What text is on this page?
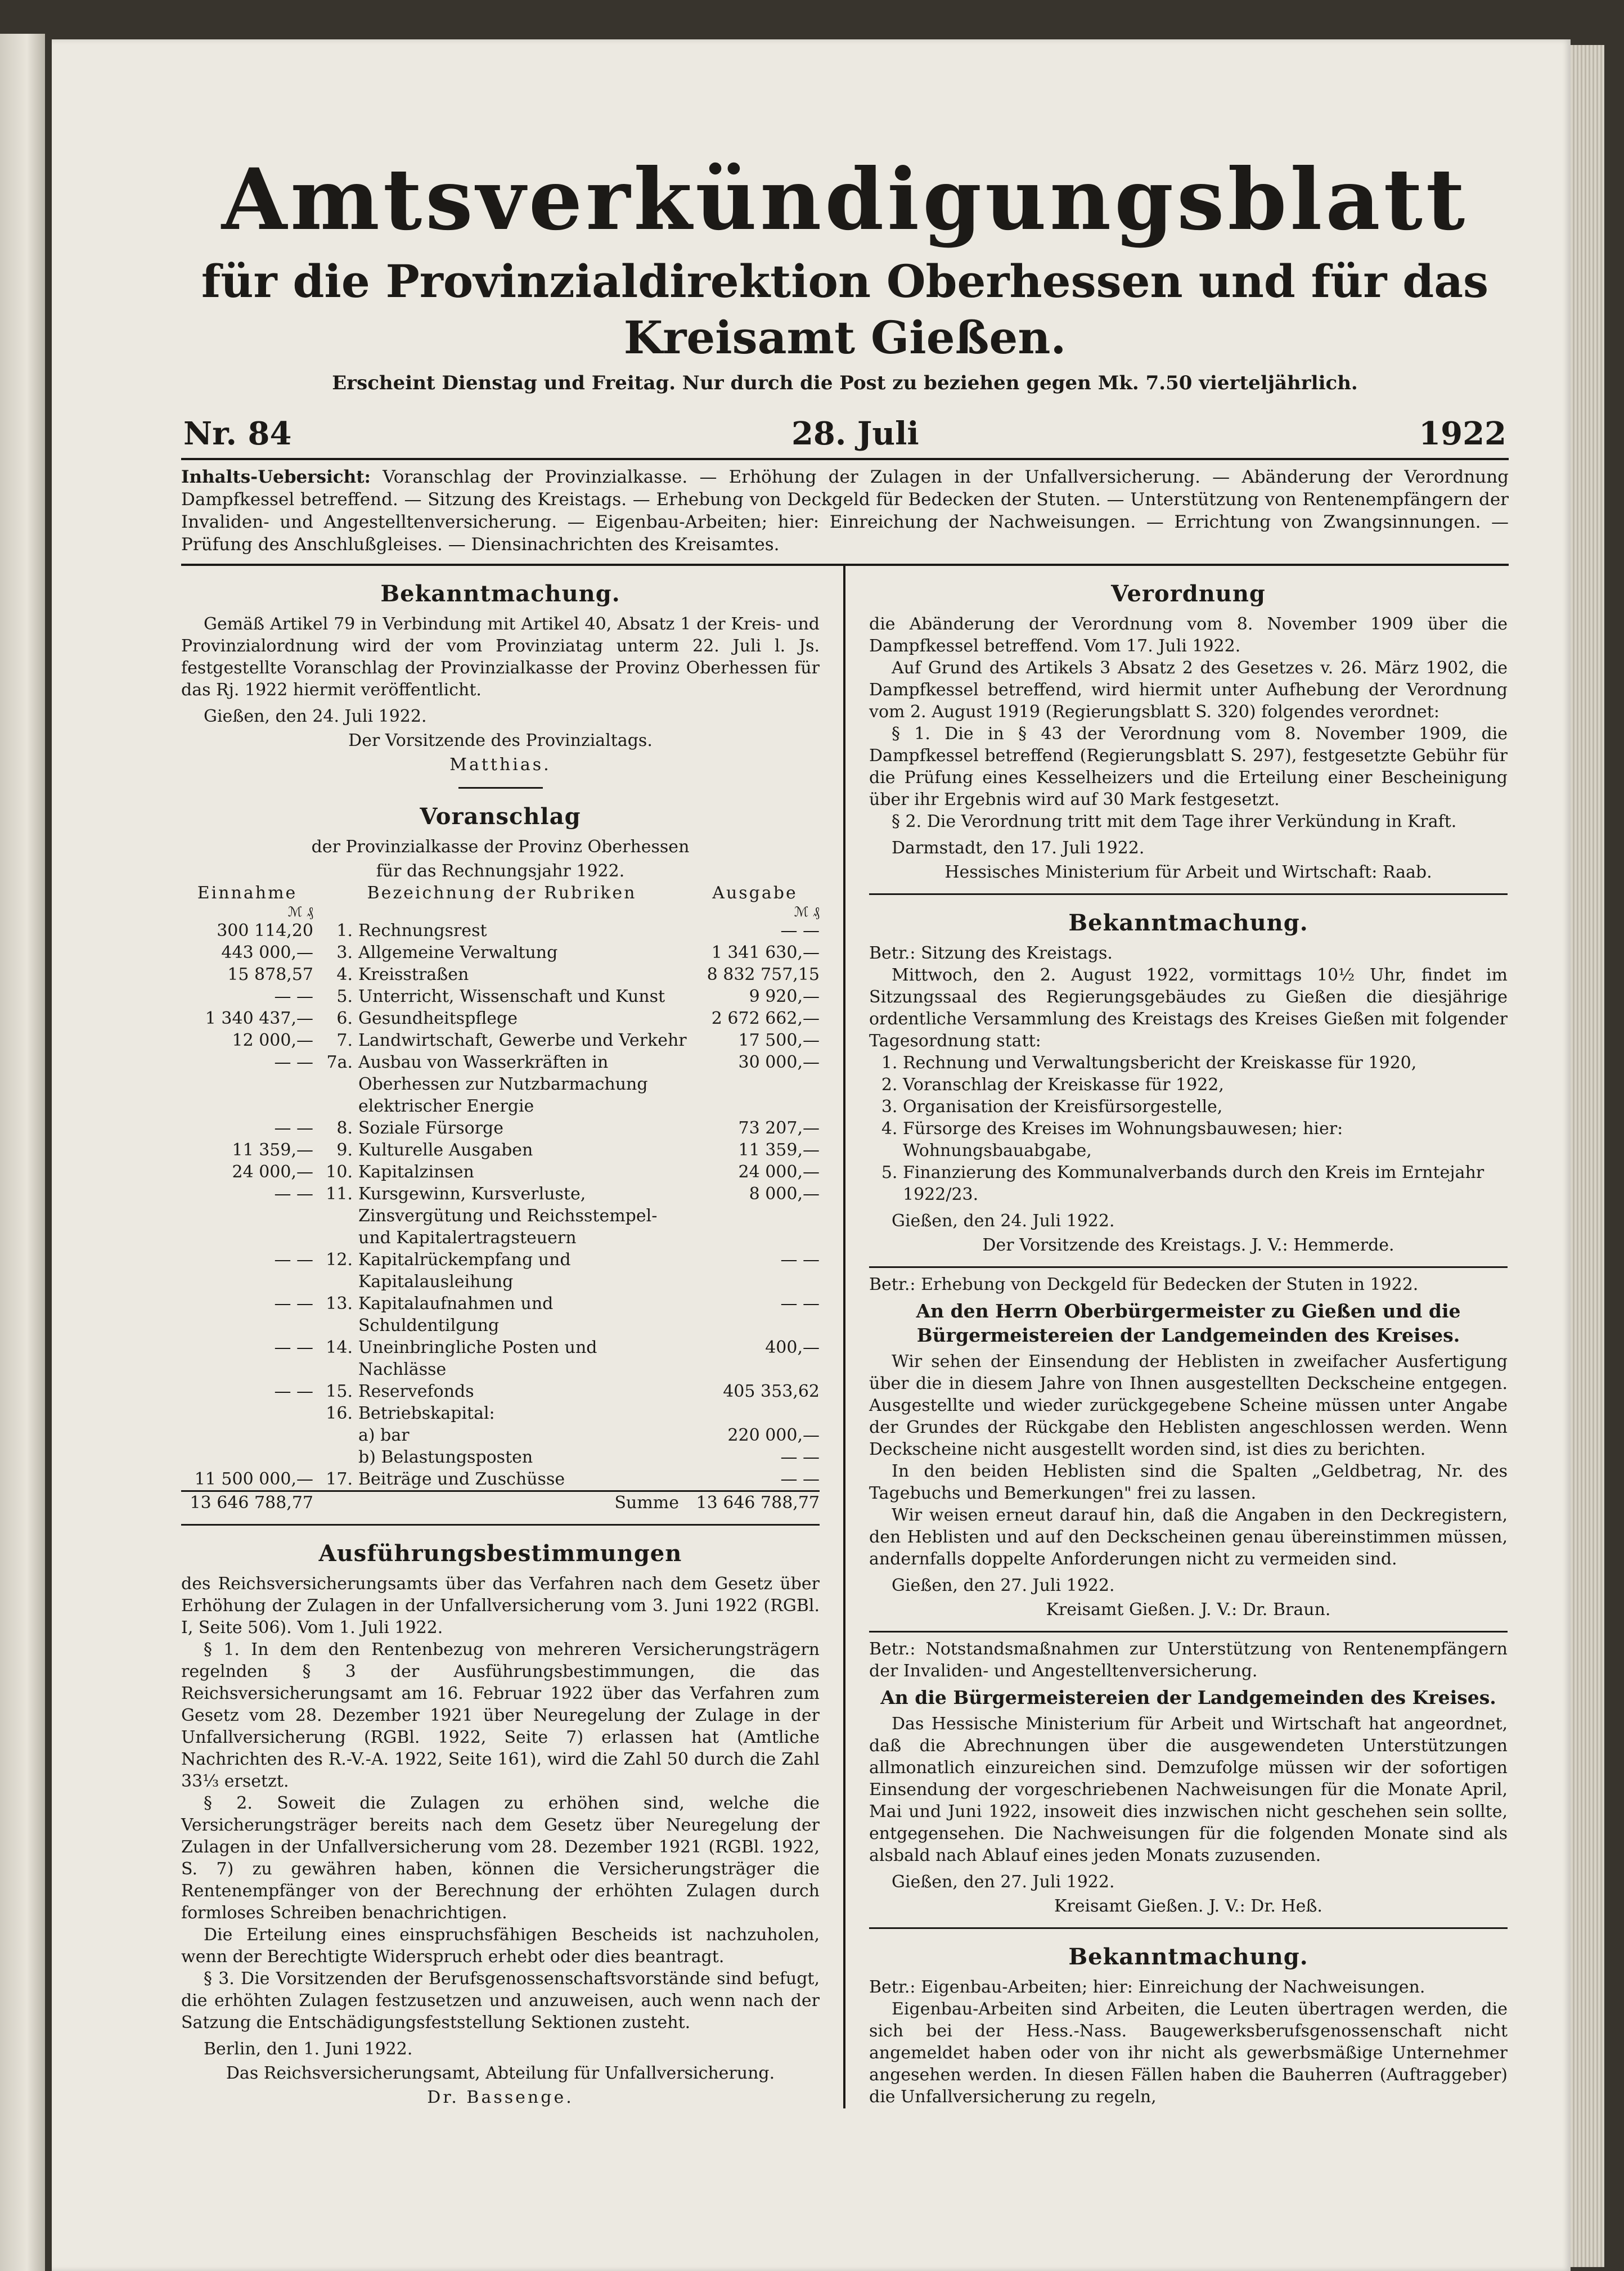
Amtsverkündigungsblatt

für die Provinzialdirektion Oberhessen und für das Kreisamt Gießen.

Erscheint Dienstag und Freitag. Nur durch die Post zu beziehen gegen Mk. 7.50 vierteljährlich.

Nr. 84	28. Juli	1922

Inhalts-Uebersicht: Voranschlag der Provinzialkasse. — Erhöhung der Zulagen in der Unfallversicherung. — Abänderung der Verordnung Dampfkessel betreffend. — Sitzung des Kreistags. — Erhebung von Deckgeld für Bedecken der Stuten. — Unterstützung von Rentenempfängern der Invaliden- und Angestelltenversicherung. — Eigenbau-Arbeiten; hier: Einreichung der Nachweisungen. — Errichtung von Zwangsinnungen. — Prüfung des Anschlußgleises. — Diensinachrichten des Kreisamtes.

Bekanntmachung.

Gemäß Artikel 79 in Verbindung mit Artikel 40, Absatz 1 der Kreis- und Provinzialordnung wird der vom Provinziatag unterm 22. Juli l. Js. festgestellte Voranschlag der Provinzialkasse der Provinz Oberhessen für das Rj. 1922 hiermit veröffentlicht.

Gießen, den 24. Juli 1922.

Der Vorsitzende des Provinzialtags.

Matthias.

Voranschlag

der Provinzialkasse der Provinz Oberhessen

für das Rechnungsjahr 1922.

Einnahme	Bezeichnung der Rubriken		Ausgabe
ℳ ₰			ℳ ₰
300 114,20	1.	Rechnungsrest	— —
443 000,—	3.	Allgemeine Verwaltung	1 341 630,—
15 878,57	4.	Kreisstraßen	8 832 757,15
— —	5.	Unterricht, Wissenschaft und Kunst	9 920,—
1 340 437,—	6.	Gesundheitspflege	2 672 662,—
12 000,—	7.	Landwirtschaft, Gewerbe und Verkehr	17 500,—
— —	7a.	Ausbau von Wasserkräften in Oberhessen zur Nutzbarmachung elektrischer Energie	30 000,—
— —	8.	Soziale Fürsorge	73 207,—
11 359,—	9.	Kulturelle Ausgaben	11 359,—
24 000,—	10.	Kapitalzinsen	24 000,—
— —	11.	Kursgewinn, Kursverluste, Zinsvergütung und Reichsstempel- und Kapitalertragsteuern	8 000,—
— —	12.	Kapitalrückempfang und Kapitalausleihung	— —
— —	13.	Kapitalaufnahmen und Schuldentilgung	— —
— —	14.	Uneinbringliche Posten und Nachlässe	400,—
— —	15.	Reservefonds	405 353,62
	16.	Betriebskapital:	
		a) bar	220 000,—
		b) Belastungsposten	— —
11 500 000,—	17.	Beiträge und Zuschüsse	— —
13 646 788,77		Summe	13 646 788,77
Ausführungsbestimmungen

des Reichsversicherungsamts über das Verfahren nach dem Gesetz über Erhöhung der Zulagen in der Unfallversicherung vom 3. Juni 1922 (RGBl. I, Seite 506). Vom 1. Juli 1922.

§ 1. In dem den Rentenbezug von mehreren Versicherungsträgern regelnden § 3 der Ausführungsbestimmungen, die das Reichsversicherungsamt am 16. Februar 1922 über das Verfahren zum Gesetz vom 28. Dezember 1921 über Neuregelung der Zulage in der Unfallversicherung (RGBl. 1922, Seite 7) erlassen hat (Amtliche Nachrichten des R.-V.-A. 1922, Seite 161), wird die Zahl 50 durch die Zahl 33⅓ ersetzt.

§ 2. Soweit die Zulagen zu erhöhen sind, welche die Versicherungsträger bereits nach dem Gesetz über Neuregelung der Zulagen in der Unfallversicherung vom 28. Dezember 1921 (RGBl. 1922, S. 7) zu gewähren haben, können die Versicherungsträger die Rentenempfänger von der Berechnung der erhöhten Zulagen durch formloses Schreiben benachrichtigen.

Die Erteilung eines einspruchsfähigen Bescheids ist nachzuholen, wenn der Berechtigte Widerspruch erhebt oder dies beantragt.

§ 3. Die Vorsitzenden der Berufsgenossenschaftsvorstände sind befugt, die erhöhten Zulagen festzusetzen und anzuweisen, auch wenn nach der Satzung die Entschädigungsfeststellung Sektionen zusteht.

Berlin, den 1. Juni 1922.

Das Reichsversicherungsamt, Abteilung für Unfallversicherung.

Dr. Bassenge.

Verordnung

die Abänderung der Verordnung vom 8. November 1909 über die Dampfkessel betreffend. Vom 17. Juli 1922.

Auf Grund des Artikels 3 Absatz 2 des Gesetzes v. 26. März 1902, die Dampfkessel betreffend, wird hiermit unter Aufhebung der Verordnung vom 2. August 1919 (Regierungsblatt S. 320) folgendes verordnet:

§ 1. Die in § 43 der Verordnung vom 8. November 1909, die Dampfkessel betreffend (Regierungsblatt S. 297), festgesetzte Gebühr für die Prüfung eines Kesselheizers und die Erteilung einer Bescheinigung über ihr Ergebnis wird auf 30 Mark festgesetzt.

§ 2. Die Verordnung tritt mit dem Tage ihrer Verkündung in Kraft.

Darmstadt, den 17. Juli 1922.

Hessisches Ministerium für Arbeit und Wirtschaft: Raab.

Bekanntmachung.

Betr.: Sitzung des Kreistags.

Mittwoch, den 2. August 1922, vormittags 10½ Uhr, findet im Sitzungssaal des Regierungsgebäudes zu Gießen die diesjährige ordentliche Versammlung des Kreistags des Kreises Gießen mit folgender Tagesordnung statt:

1. Rechnung und Verwaltungsbericht der Kreiskasse für 1920,
2. Voranschlag der Kreiskasse für 1922,
3. Organisation der Kreisfürsorgestelle,
4. Fürsorge des Kreises im Wohnungsbauwesen; hier: Wohnungsbauabgabe,
5. Finanzierung des Kommunalverbands durch den Kreis im Erntejahr 1922/23.

Gießen, den 24. Juli 1922.

Der Vorsitzende des Kreistags. J. V.: Hemmerde.

Betr.: Erhebung von Deckgeld für Bedecken der Stuten in 1922.

An den Herrn Oberbürgermeister zu Gießen und die Bürgermeistereien der Landgemeinden des Kreises.

Wir sehen der Einsendung der Heblisten in zweifacher Ausfertigung über die in diesem Jahre von Ihnen ausgestellten Deckscheine entgegen. Ausgestellte und wieder zurückgegebene Scheine müssen unter Angabe der Grundes der Rückgabe den Heblisten angeschlossen werden. Wenn Deckscheine nicht ausgestellt worden sind, ist dies zu berichten.

In den beiden Heblisten sind die Spalten „Geldbetrag, Nr. des Tagebuchs und Bemerkungen" frei zu lassen.

Wir weisen erneut darauf hin, daß die Angaben in den Deckregistern, den Heblisten und auf den Deckscheinen genau übereinstimmen müssen, andernfalls doppelte Anforderungen nicht zu vermeiden sind.

Gießen, den 27. Juli 1922.

Kreisamt Gießen. J. V.: Dr. Braun.

Betr.: Notstandsmaßnahmen zur Unterstützung von Rentenempfängern der Invaliden- und Angestelltenversicherung.

An die Bürgermeistereien der Landgemeinden des Kreises.

Das Hessische Ministerium für Arbeit und Wirtschaft hat angeordnet, daß die Abrechnungen über die ausgewendeten Unterstützungen allmonatlich einzureichen sind. Demzufolge müssen wir der sofortigen Einsendung der vorgeschriebenen Nachweisungen für die Monate April, Mai und Juni 1922, insoweit dies inzwischen nicht geschehen sein sollte, entgegensehen. Die Nachweisungen für die folgenden Monate sind als alsbald nach Ablauf eines jeden Monats zuzusenden.

Gießen, den 27. Juli 1922.

Kreisamt Gießen. J. V.: Dr. Heß.

Bekanntmachung.

Betr.: Eigenbau-Arbeiten; hier: Einreichung der Nachweisungen.

Eigenbau-Arbeiten sind Arbeiten, die Leuten übertragen werden, die sich bei der Hess.-Nass. Baugewerksberufsgenossenschaft nicht angemeldet haben oder von ihr nicht als gewerbsmäßige Unternehmer angesehen werden. In diesen Fällen haben die Bauherren (Auftraggeber) die Unfallversicherung zu regeln,
